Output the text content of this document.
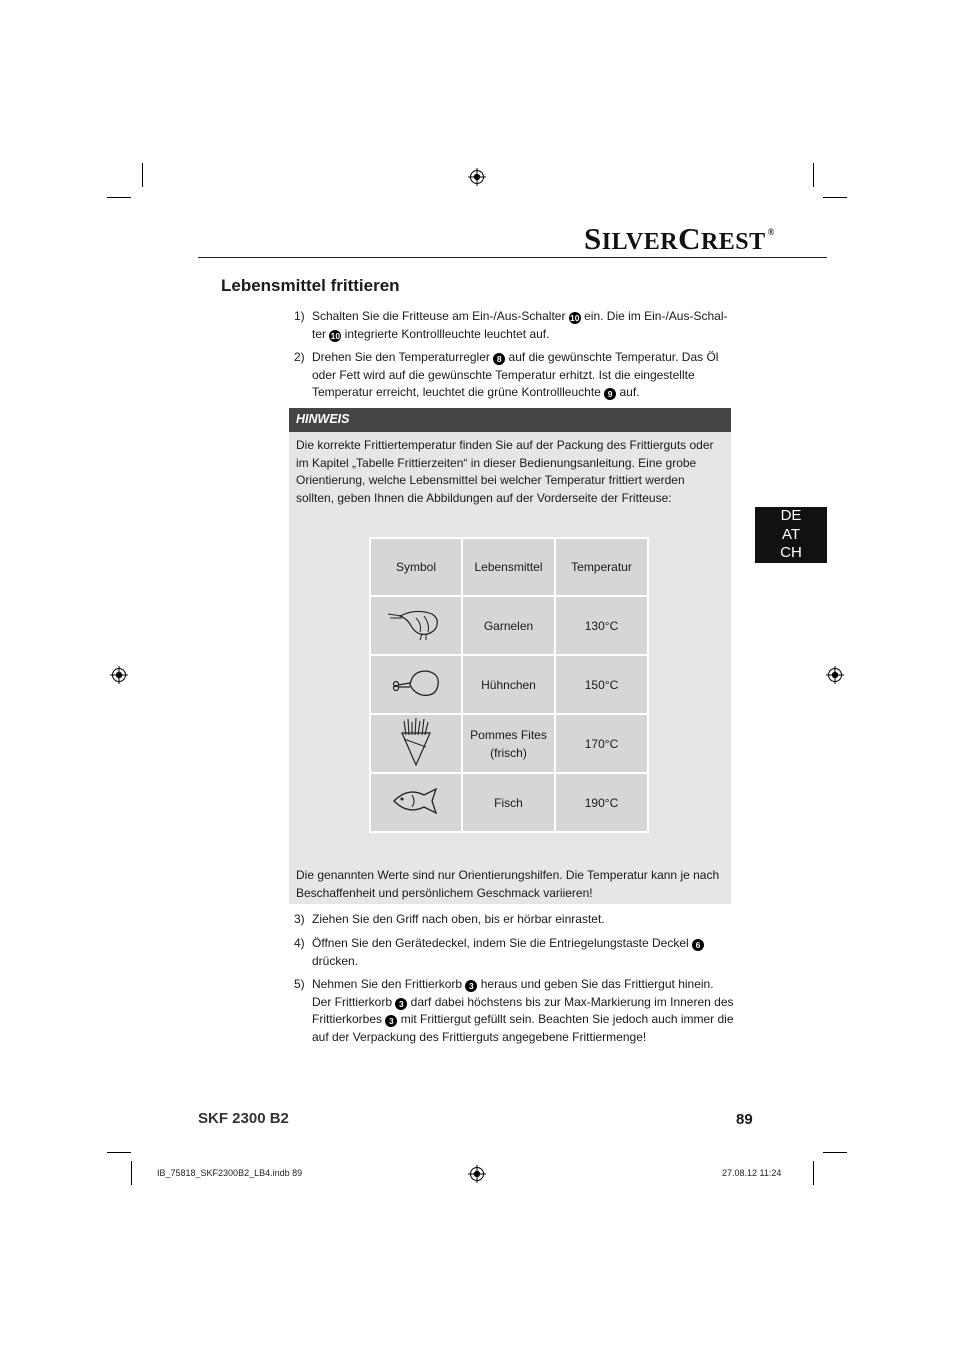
SILVERCREST ®
Lebensmittel frittieren
1) Schalten Sie die Fritteuse am Ein-/Aus-Schalter 10 ein. Die im Ein-/Aus-Schal-ter 10 integrierte Kontrollleuchte leuchtet auf.
2) Drehen Sie den Temperaturregler 8 auf die gewünschte Temperatur. Das Öl oder Fett wird auf die gewünschte Temperatur erhitzt. Ist die eingestellte Temperatur erreicht, leuchtet die grüne Kontrollleuchte 9 auf.
HINWEIS
Die korrekte Frittiertemperatur finden Sie auf der Packung des Frittierguts oder im Kapitel „Tabelle Frittierzeiten“ in dieser Bedienungsanleitung. Eine grobe Orientierung, welche Lebensmittel bei welcher Temperatur frittiert werden sollten, geben Ihnen die Abbildungen auf der Vorderseite der Fritteuse:
Die genannten Werte sind nur Orientierungshilfen. Die Temperatur kann je nach Beschaffenheit und persönlichem Geschmack variieren!
Symbol	Lebensmittel	Temperatur
	Garnelen	130°C
	Hühnchen	150°C
	Pommes Fites (frisch)	170°C
	Fisch	190°C
3) Ziehen Sie den Griff nach oben, bis er hörbar einrastet.
4) Öffnen Sie den Gerätedeckel, indem Sie die Entriegelungstaste Deckel 6 drücken.
5) Nehmen Sie den Frittierkorb 3 heraus und geben Sie das Frittiergut hinein. Der Frittierkorb 3 darf dabei höchstens bis zur Max-Markierung im Inneren des Frittierkorbes 3 mit Frittiergut gefüllt sein. Beachten Sie jedoch auch immer die auf der Verpackung des Frittierguts angegebene Frittiermenge!
DE
AT
CH
SKF 2300 B2	89
IB_75818_SKF2300B2_LB4.indb 89	27.08.12 11:24
